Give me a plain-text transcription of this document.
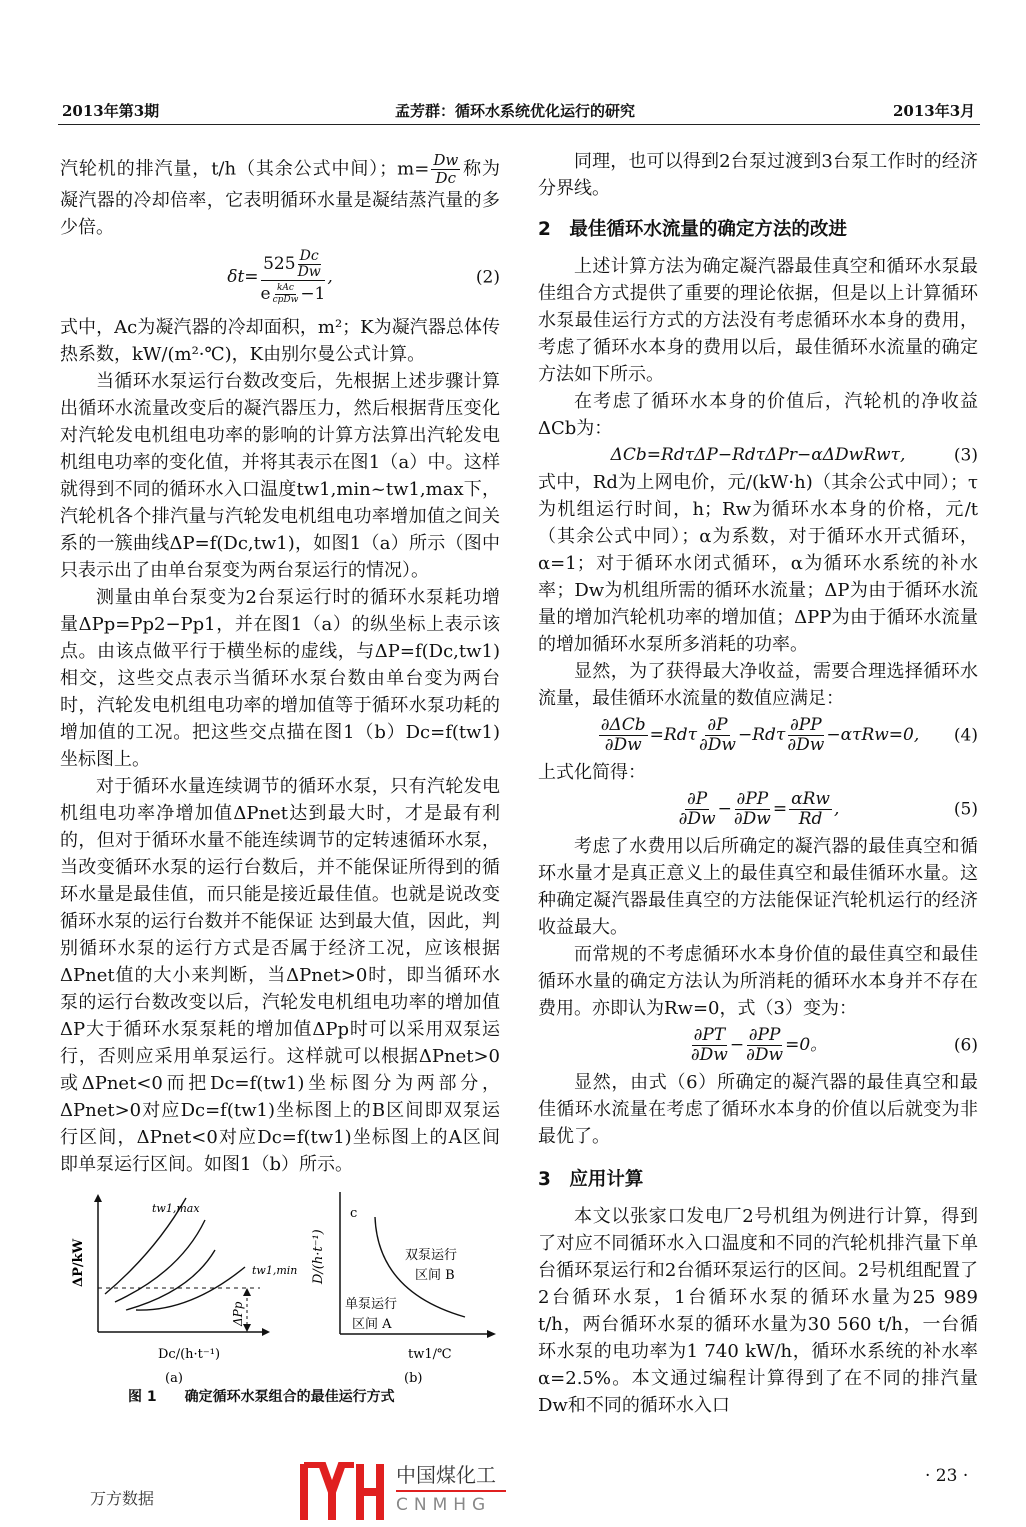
2013年第3期	孟芳群：循环水系统优化运行的研究	2013年3月

汽轮机的排汽量，t/h（其余公式中间）；$m= \frac{Dw}{Dc}$ 称为凝汽器的冷却倍率，它表明循环水量是凝结蒸汽量的多少倍。

$\delta t= \frac{525 \frac{Dc}{Dw}}{e \frac{\text{kAc}}{\text{cpDw}} -1}$ ,	(2)

式中，Ac为凝汽器的冷却面积，m²；K为凝汽器总体传热系数，kW/(m²·℃)，K由别尔曼公式计算。

当循环水泵运行台数改变后，先根据上述步骤计算出循环水流量改变后的凝汽器压力，然后根据背压变化对汽轮发电机组电功率的影响的计算方法算出汽轮发电机组电功率的变化值，并将其表示在图1（a）中。这样就得到不同的循环水入口温度tw1,min~tw1,max下，汽轮机各个排汽量与汽轮发电机组电功率增加值之间关系的一簇曲线ΔP=f(Dc,tw1)，如图1（a）所示（图中只表示出了由单台泵变为两台泵运行的情况）。

测量由单台泵变为2台泵运行时的循环水泵耗功增量ΔPp=Pp2−Pp1，并在图1（a）的纵坐标上表示该点。由该点做平行于横坐标的虚线，与ΔP=f(Dc,tw1)相交，这些交点表示当循环水泵台数由单台变为两台时，汽轮发电机组电功率的增加值等于循环水泵功耗的增加值的工况。把这些交点描在图1（b）Dc=f(tw1)坐标图上。

对于循环水量连续调节的循环水泵，只有汽轮发电机组电功率净增加值ΔPnet达到最大时，才是最有利的，但对于循环水量不能连续调节的定转速循环水泵，当改变循环水泵的运行台数后，并不能保证所得到的循环水量是最佳值，而只能是接近最佳值。也就是说改变循环水泵的运行台数并不能保证 达到最大值，因此，判别循环水泵的运行方式是否属于经济工况，应该根据ΔPnet值的大小来判断，当ΔPnet>0时，即当循环水泵的运行台数改变以后，汽轮发电机组电功率的增加值ΔP大于循环水泵泵耗的增加值ΔPp时可以采用双泵运行，否则应采用单泵运行。这样就可以根据ΔPnet>0或ΔPnet<0而把Dc=f(tw1)坐标图分为两部分，ΔPnet>0对应Dc=f(tw1)坐标图上的B区间即双泵运行区间，ΔPnet<0对应Dc=f(tw1)坐标图上的A区间即单泵运行区间。如图1（b）所示。

tw1,max
tw1,min
ΔPp
ΔP/kW
Dc/(h·t⁻¹)
(a)
c
双泵运行
区间 B
单泵运行
区间 A
D/(h·t⁻¹)
tw1/℃
(b)
图 1 确定循环水泵组合的最佳运行方式

同理，也可以得到2台泵过渡到3台泵工作时的经济分界线。

2　最佳循环水流量的确定方法的改进

上述计算方法为确定凝汽器最佳真空和循环水泵最佳组合方式提供了重要的理论依据，但是以上计算循环水泵最佳运行方式的方法没有考虑循环水本身的费用，考虑了循环水本身的费用以后，最佳循环水流量的确定方法如下所示。

在考虑了循环水本身的价值后，汽轮机的净收益ΔCb为：

ΔCb=RdτΔP−RdτΔPr−αΔDwRwτ,	(3)

式中，Rd为上网电价，元/(kW·h)（其余公式中同）；τ为机组运行时间，h；Rw为循环水本身的价格，元/t（其余公式中同）；α为系数，对于循环水开式循环，α=1；对于循环水闭式循环，α为循环水系统的补水率；Dw为机组所需的循环水流量；ΔP为由于循环水流量的增加汽轮机功率的增加值；ΔPP为由于循环水流量的增加循环水泵所多消耗的功率。

显然，为了获得最大净收益，需要合理选择循环水流量，最佳循环水流量的数值应满足：

$\frac{\text{∂ΔCb}}{\partial Dw} =Rd\tau \frac{\partial P}{\partial Dw} -Rd\tau \frac{\partial PP}{\partial Dw} -\alpha\tau Rw=0$, (4)

上式化简得：

$\frac{\partial P}{\partial Dw} - \frac{\partial PP}{\partial Dw} = \frac{\text{αRw}}{Rd}$ ,	(5)

考虑了水费用以后所确定的凝汽器的最佳真空和循环水量才是真正意义上的最佳真空和最佳循环水量。这种确定凝汽器最佳真空的方法能保证汽轮机运行的经济收益最大。

而常规的不考虑循环水本身价值的最佳真空和最佳循环水量的确定方法认为所消耗的循环水本身并不存在费用。亦即认为Rw=0，式（3）变为：

$\frac{\partial PT}{\partial Dw} - \frac{\partial PP}{\partial Dw} =0$。	(6)

显然，由式（6）所确定的凝汽器的最佳真空和最佳循环水流量在考虑了循环水本身的价值以后就变为非最优了。

3　应用计算

本文以张家口发电厂2号机组为例进行计算，得到了对应不同循环水入口温度和不同的汽轮机排汽量下单台循环泵运行和2台循环泵运行的区间。2号机组配置了2台循环水泵，1台循环水泵的循环水量为25 989 t/h，两台循环水泵的循环水量为30 560 t/h，一台循环水泵的电功率为1 740 kW/h，循环水系统的补水率α=2.5%。本文通过编程计算得到了在不同的排汽量Dw和不同的循环水入口

中国煤化工
CNMHG
· 23 ·
万方数据
